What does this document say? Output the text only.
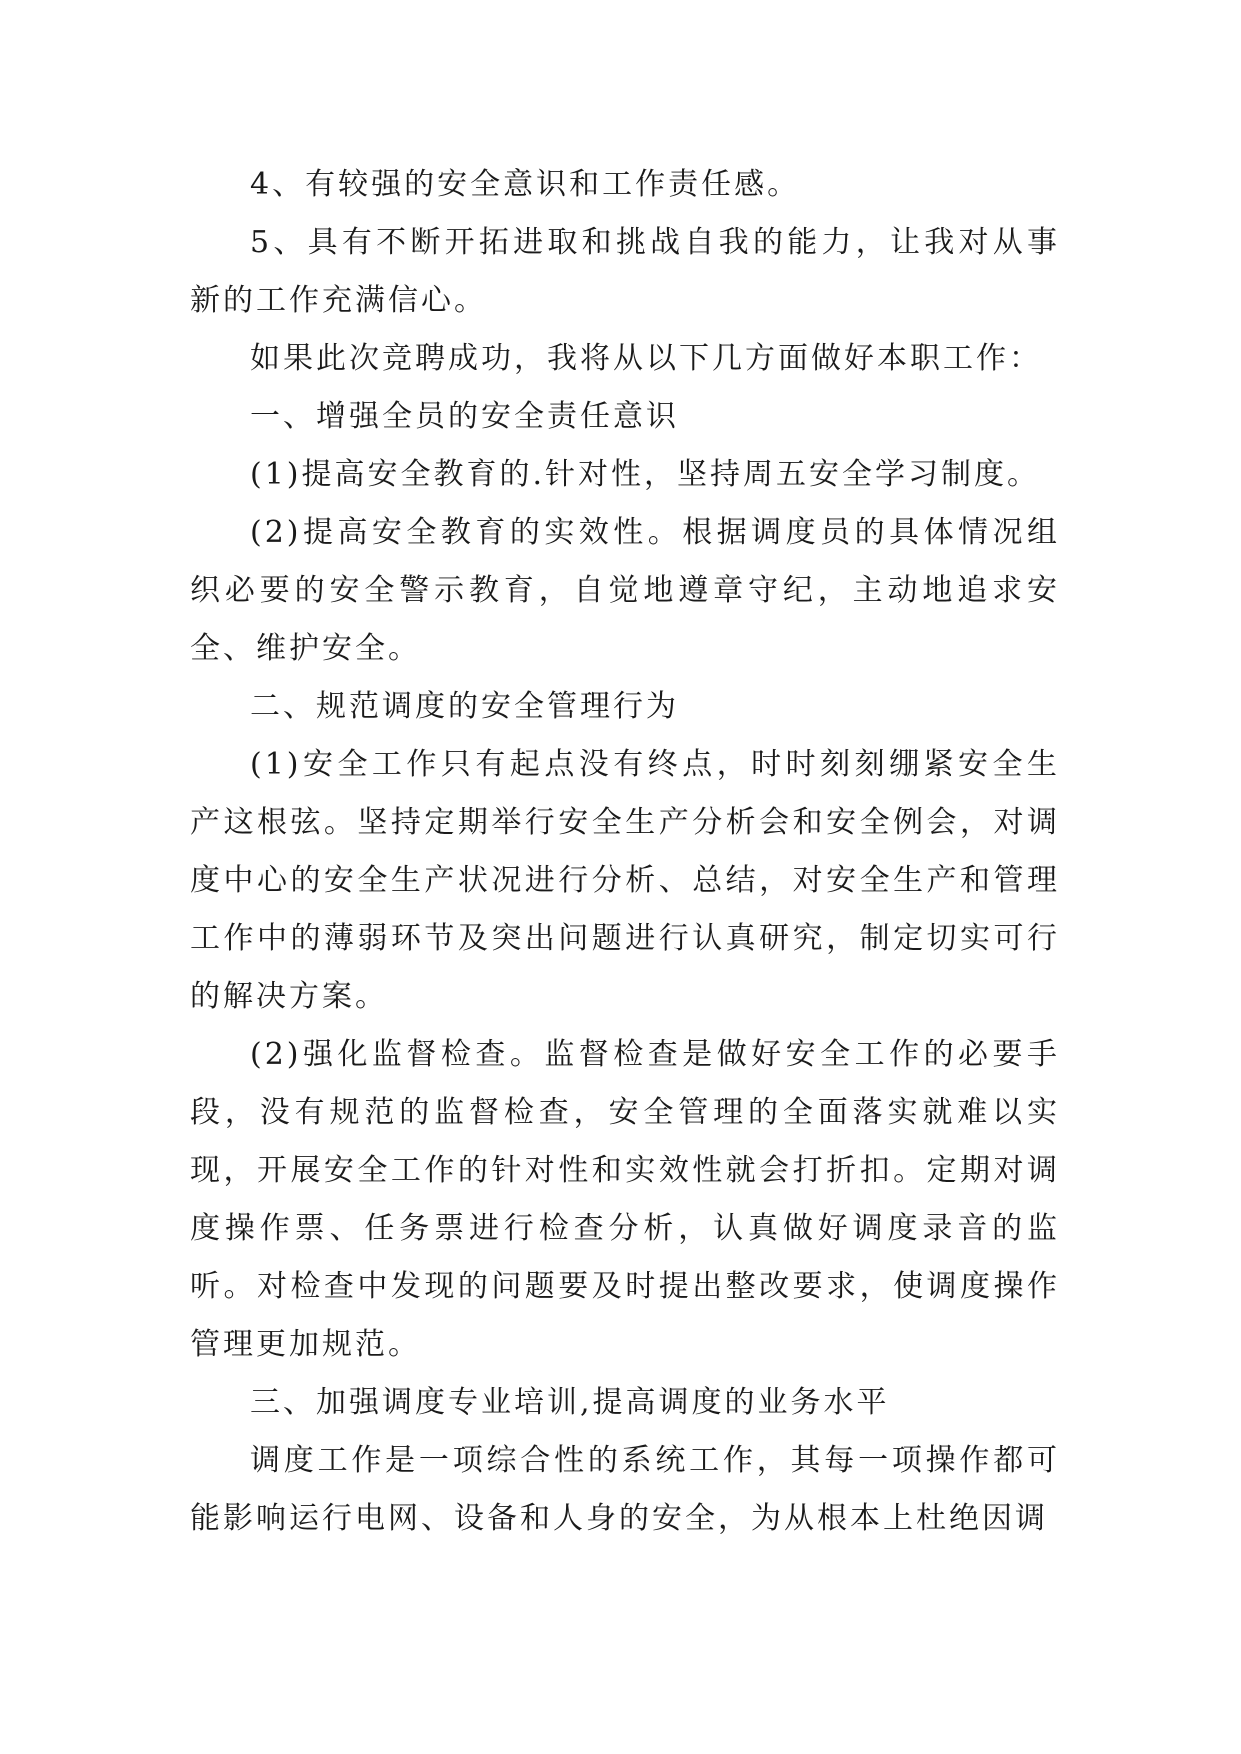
4、有较强的安全意识和工作责任感。

5、具有不断开拓进取和挑战自我的能力，让我对从事新的工作充满信心。

如果此次竞聘成功，我将从以下几方面做好本职工作：

一、增强全员的安全责任意识

(1)提高安全教育的.针对性，坚持周五安全学习制度。

(2)提高安全教育的实效性。根据调度员的具体情况组织必要的安全警示教育，自觉地遵章守纪，主动地追求安全、维护安全。

二、规范调度的安全管理行为

(1)安全工作只有起点没有终点，时时刻刻绷紧安全生产这根弦。坚持定期举行安全生产分析会和安全例会，对调度中心的安全生产状况进行分析、总结，对安全生产和管理工作中的薄弱环节及突出问题进行认真研究，制定切实可行的解决方案。

(2)强化监督检查。监督检查是做好安全工作的必要手段，没有规范的监督检查，安全管理的全面落实就难以实现，开展安全工作的针对性和实效性就会打折扣。定期对调度操作票、任务票进行检查分析，认真做好调度录音的监听。对检查中发现的问题要及时提出整改要求，使调度操作管理更加规范。

三、加强调度专业培训,提高调度的业务水平

调度工作是一项综合性的系统工作，其每一项操作都可能影响运行电网、设备和人身的安全，为从根本上杜绝因调
